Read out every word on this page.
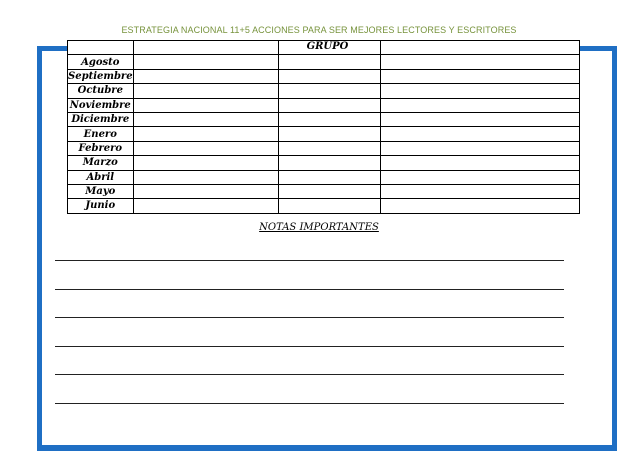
ESTRATEGIA NACIONAL 11+5 ACCIONES PARA SER MEJORES LECTORES Y ESCRITORES

		GRUPO	

Agosto			
Septiembre			
Octubre			
Noviembre			
Diciembre			
Enero			
Febrero			
Marzo			
Abril			
Mayo			
Junio			
NOTAS IMPORTANTES
